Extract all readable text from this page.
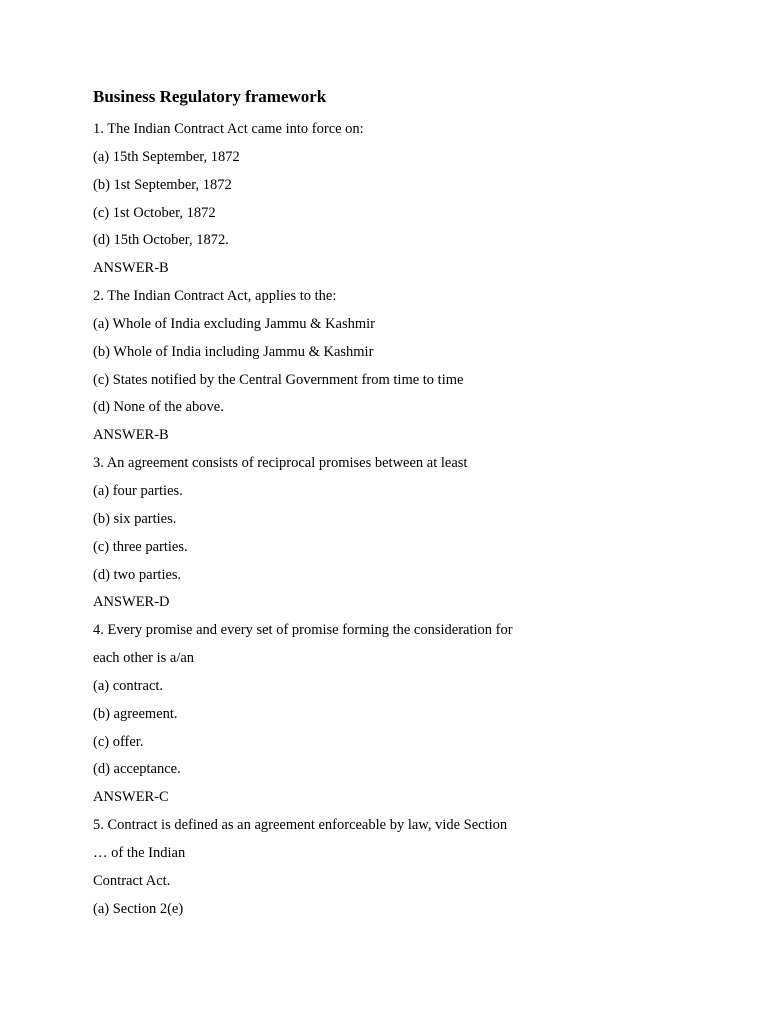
Business Regulatory framework
1. The Indian Contract Act came into force on:
(a) 15th September, 1872
(b) 1st September, 1872
(c) 1st October, 1872
(d) 15th October, 1872.
ANSWER-B
2. The Indian Contract Act, applies to the:
(a) Whole of India excluding Jammu & Kashmir
(b) Whole of India including Jammu & Kashmir
(c) States notified by the Central Government from time to time
(d) None of the above.
ANSWER-B
3. An agreement consists of reciprocal promises between at least
(a) four parties.
(b) six parties.
(c) three parties.
(d) two parties.
ANSWER-D
4. Every promise and every set of promise forming the consideration for
each other is a/an
(a) contract.
(b) agreement.
(c) offer.
(d) acceptance.
ANSWER-C
5. Contract is defined as an agreement enforceable by law, vide Section
… of the Indian
Contract Act.
(a) Section 2(e)
